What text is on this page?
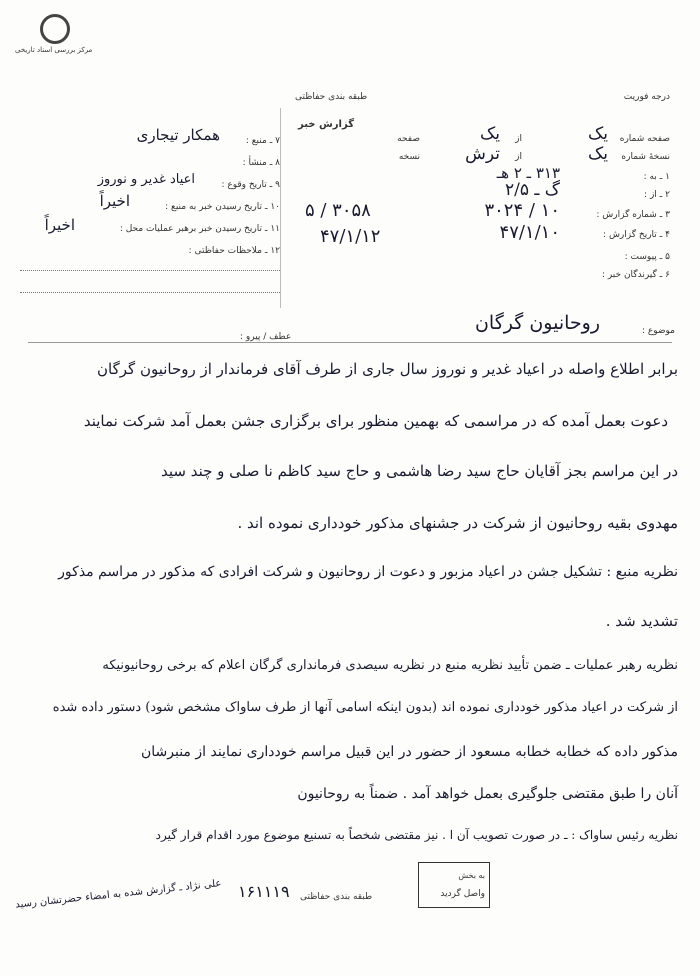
مرکز بررسی اسناد تاریخی
درجه فوریت
طبقه بندی حفاظتی
گزارش خبر
۷ ـ منبع :
همکار تیجاری
۸ ـ منشأ :
۹ ـ تاریخ وقوع :
اعیاد غدیر و نوروز
۱۰ ـ تاریخ رسیدن خبر به منبع :
اخیراً
۱۱ ـ تاریخ رسیدن خبر برهبر عملیات محل :
اخیراً
۱۲ ـ ملاحظات حفاظتی :
۵ / ۳۰۵۸
۴۷/۱/۱۲
صفحه شماره
یک
از
یک
صفحه
نسخهٔ شماره
یک
از
ترش
نسخه
۱ ـ به :
۳۱۳ ـ ۲ هـ
۲ ـ از :
گ ـ ۲/۵
۳ ـ شماره گزارش :
۱۰ / ۳۰۲۴
۴ ـ تاریخ گزارش :
۴۷/۱/۱۰
۵ ـ پیوست :
۶ ـ گیرندگان خبر :
عطف / پیرو :
موضوع :
روحانیون گرگان
برابر اطلاع واصله در اعیاد غدیر و نوروز سال جاری از طرف آقای فرماندار از روحانیون گرگان
دعوت بعمل آمده که در مراسمی که بهمین منظور برای برگزاری جشن بعمل آمد شرکت نمایند
در این مراسم بجز آقایان حاج سید رضا هاشمی و حاج سید کاظم نا صلی و چند سید
مهدوی بقیه روحانیون از شرکت در جشنهای مذکور خودداری نموده اند .
نظریه منبع : تشکیل جشن در اعیاد مزبور و دعوت از روحانیون و شرکت افرادی که مذکور در مراسم مذکور
تشدید شد .
نظریه رهبر عملیات ـ ضمن تأیید نظریه منبع در نظریه سیصدی فرمانداری گرگان اعلام که برخی روحانیونیکه
از شرکت در اعیاد مذکور خودداری نموده اند (بدون اینکه اسامی آنها از طرف ساواک مشخص شود) دستور داده شده
مذکور داده که خطابه خطابه مسعود از حضور در این قبیل مراسم خودداری نمایند از منبرشان
آنان را طبق مقتضی جلوگیری بعمل خواهد آمد . ضمناً به روحانیون
نظریه رئیس ساواک : ـ در صورت تصویب آن ا . نیز مقتضی شخصاً به تسنیع موضوع مورد اقدام قرار گیرد
علی نژاد ـ گزارش شده به امضاء حضرتشان رسید	طبقه بندی حفاظتی
۱۶۱۱۱۹
به بخش
واصل گردید
